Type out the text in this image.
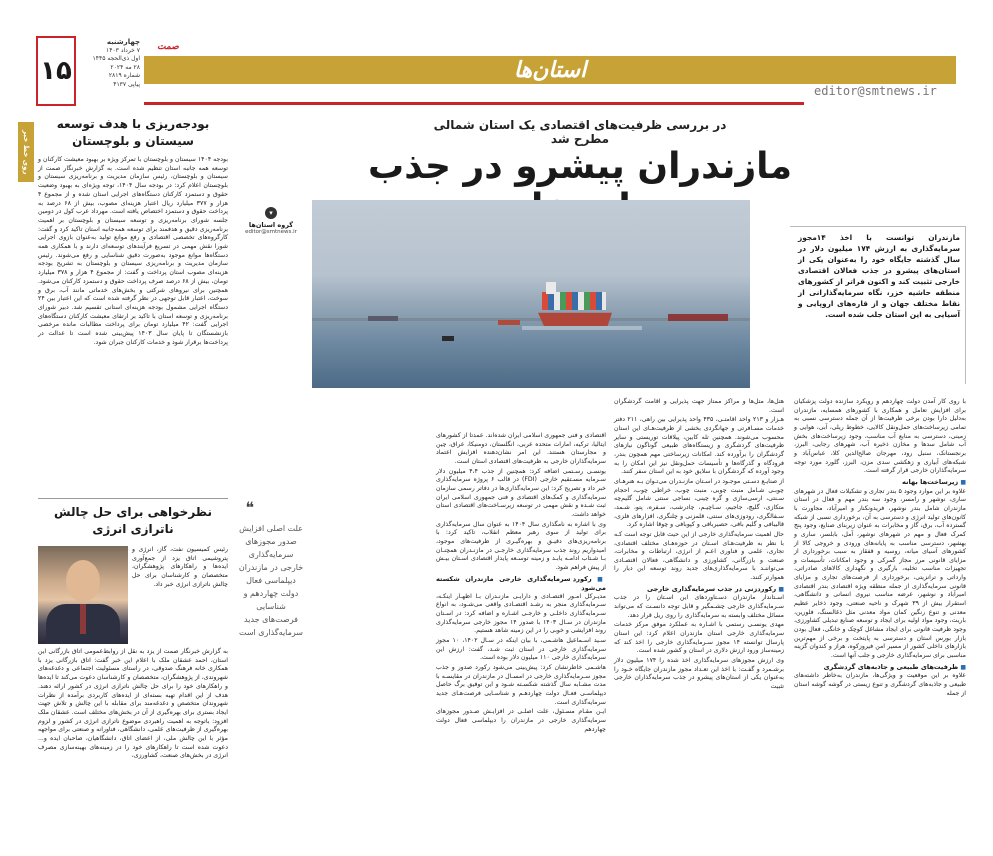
۱۵
چهارشنبه
۷ خرداد ۱۴۰۳
اول ذی‌الحجه ۱۴۴۵
۲۸ مه ۲۰۲۴
شماره ۲۸۱۹
پیاپی ۴۱۳۷
صمت
استان‌ها
editor@smtnews.ir
روی خط خبر
بودجه‌ریزی با هدف توسعه سیستان و بلوچستان
بودجه ۱۴۰۴ سیستان و بلوچستان با تمرکز ویژه بر بهبود معیشت کارکنان و توسعه همه جانبه استان تنظیم شده است. به گزارش خبرنگار صمت از سیستان و بلوچستان، رئیس سازمان مدیریت و برنامه‌ریزی سیستان و بلوچستان اعلام کرد: در بودجه سال ۱۴۰۴، توجه ویژه‌ای به بهبود وضعیت حقوق و دستمزد کارکنان دستگاه‌های اجرایی استان شده و از مجموع ۴ هزار و ۳۷۷ میلیارد ریال اعتبار هزینه‌ای مصوب، بیش از ۶۸ درصد به پرداخت حقوق و دستمزد اختصاص یافته است. مهرداد عرب‌ کول در دومین جلسه شورای برنامه‌ریزی و توسعه سیستان و بلوچستان بر اهمیت برنامه‌ریزی دقیق و هدفمند برای توسعه همه‌جانبه استان تاکید کرد و گفت: کارگروه‌های تخصصی اقتصادی و رفع موانع تولید به‌عنوان بازوی اجرایی شورا نقش مهمی در تسریع فرآیندهای توسعه‌ای دارند و با همکاری همه دستگاه‌ها موانع موجود به‌صورت دقیق شناسایی و رفع می‌شوند. رئیس سازمان مدیریت و برنامه‌ریزی سیستان و بلوچستان به تشریح بودجه هزینه‌ای مصوب استان پرداخت و گفت: از مجموع ۴ هزار و ۳۷۸ میلیارد تومان، بیش از ۶۸ درصد صرف پرداخت حقوق و دستمزد کارکنان می‌شود. همچنین برای نیروهای شرکتی و بخش‌های خدماتی مانند آب، برق و سوخت، اعتبار قابل توجهی در نظر گرفته شده است که این اعتبار بین ۲۴ دستگاه اجرایی مشمول بودجه هزینه‌ای استانی تقسیم شد. دبیر شورای برنامه‌ریزی و توسعه استان با تاکید بر ارتقای معیشت کارکنان دستگاه‌های اجرایی گفت: ۴۲ میلیارد تومان برای پرداخت مطالبات مانده مرخصی بازنشستگان تا پایان سال ۱۴۰۳ پیش‌بینی شده است تا عدالت در پرداخت‌ها برقرار شود و خدمات کارکنان جبران شود.
نظرخواهی برای حل چالش ناترازی انرژی
رئیس کمیسیون نفت، گاز، انرژی و پتروشیمی اتاق یزد از جمع‌آوری ایده‌ها و راهکارهای پژوهشگران، متخصصان و کارشناسان برای حل چالش ناترازی انرژی خبر داد.
به گزارش خبرنگار صمت از یزد به نقل از روابط‌عمومی اتاق بازرگانی این استان، احمد عشقان ملک با اعلام این خبر گفت: اتاق بازرگانی یزد با همکاری خانه فرهنگ صدوقی، در راستای مسئولیت اجتماعی و دغدغه‌های شهروندی، از پژوهشگران، متخصصان و کارشناسان دعوت می‌کند تا ایده‌ها و راهکارهای خود را برای حل چالش ناترازی انرژی در کشور ارائه دهند. هدف از این اقدام تهیه بسته‌ای از ایده‌های کاربردی برآمده از نظرات شهروندان متخصص و دغدغه‌مند برای مقابله با این چالش و تلاش جهت ایجاد بستری برای بهره‌گیری از آن در بخش‌های مختلف است. عشقان ملک افزود: باتوجه به اهمیت راهبردی موضوع ناترازی انرژی در کشور و لزوم بهره‌گیری از ظرفیت‌های علمی، دانشگاهی، فناورانه و صنعتی برای مواجهه مؤثر با این چالش ملی، از اعضای اتاق، دانشگاهیان، صاحبان ایده و... دعوت شده است تا راهکارهای خود را در زمینه‌های بهینه‌سازی مصرف انرژی در بخش‌های صنعت، کشاورزی،
در بررسی ظرفیت‌های اقتصادی یک استان شمالی مطرح شد
مازندران پیشرو در جذب
▾
گروه استان‌ها
editor@smtnews.ir
مازندران توانست با اخذ ۱۴مجوز سرمایه‌گذاری به ارزش ۱۷۴ میلیون دلار در سال گذشته جایگاه خود را به‌عنوان یکی از استان‌های پیشرو در جذب فعالان اقتصادی خارجی تثبیت کند و اکنون فراتر از کشورهای منطقه حاشیه خزر، نگاه سرمایه‌گذارانی از نقاط مختلف جهان و از قاره‌های اروپایی و آسیایی به این استان جلب شده است.
❝
علت اصلی افزایش صدور مجوزهای سرمایه‌گذاری خارجی در مازندران دیپلماسی فعال دولت چهاردهم و شناسایی فرصت‌های جدید سرمایه‌گذاری است

با روی کار آمدن دولت چهاردهم و رویکرد سازنده دولت پزشکیان برای افزایش تعامل و همکاری با کشورهای همسایه، مازندران به‌دلیل دارا بودن برخی ظرفیت‌ها از آن جمله دسترسی نسبی به تمامی زیرساخت‌های حمل‌ونقل کالایی، خطوط ریلی، آبی، هوایی و زمینی، دسترسی به منابع آب مناسب، وجود زیرساخت‌های بخش آب شامل سدها و مخازن ذخیره آب، شهرهای رجایی، البرز، برنجستانک، سنبل رود، مهرجان صالح‌الدین کلا، عباس‌آباد و شبکه‌های آبیاری و زهکشی سدی مزن، البرز، گلورد مورد توجه سرمایه‌گذاران خارجی قرار گرفته است.

■ زیرساخت‌ها بهانه

علاوه بر این موارد وجود ۵ بندر تجاری و تشکیلات فعال در شهرهای ساری، نوشهر و رامسر، وجود سه بندر مهم و فعال در استان مازندران شامل بندر نوشهر، فریدونکنار و امیرآباد، مجاورت با کانون‌های تولید انرژی و دسترسی به آن، برخورداری نسبی از شبکه گسترده آب، برق، گاز و مخابرات به عنوان زیربنای صنایع، وجود پنج کمرک فعال و مهم در شهرهای نوشهر، آمل، بابلسر، ساری و بهشهر، دسترسی مناسب به پایانه‌های ورودی و خروجی کالا از کشورهای آسیای میانه، روسیه و قفقاز به سبب برخورداری از مزایای قانونی مرز مجاز گمرکی و وجود امکانات، تأسیسات و تجهیزات مناسب تخلیه، بارگیری و نگهداری کالاهای صادراتی، وارداتی و ترانزیتی، برخورداری از فرصت‌های تجاری و مزایای قانونی سرمایه‌گذاری از جمله منطقه ویژه اقتصادی بندر اقتصادی امیرآباد و نوشهر، عرضه مناسب نیروی انسانی و دانشگاهی، استقرار بیش از ۳۹ شهرک و ناحیه صنعتی، وجود ذخایر عظیم معدنی و تنوع رنگین کمان مواد معدنی مثل ذغالسنگ، فلورین، باریت، وجود مواد اولیه برای ایجاد و توسعه صنایع تبدیلی کشاورزی، وجود ظرفیت قانونی برای ایجاد مشاغل کوچک و خانگی، فعال بودن بازار بورس استان و دسترسی به پایتخت و برخی از مهم‌ترین بازارهای داخلی کشور از مسیر امن فیروزکوه، هراز و کندوان گزینه مناسبی برای سرمایه‌گذاری خارجی و جلب آنها است.

■ ظرفیت‌های طبیعی و جاذبه‌های گردشگری

علاوه بر این موقعیت و ویژگی‌ها، مازندران به‌خاطر داشته‌های طبیعی و جاذبه‌های گردشگری و تنوع زیستی در گوشه گوشه استان از جمله

هتل‌ها، متل‌ها و مراکز ممتاز جهت پذیرایی و اقامت گردشگران است.

هـزار و ۲۱۳ واحد اقامتـی، ۴۳۵ واحد پذیرایی بین راهی، ۲۱۱ دفتر خدمات مسـافرتی و جهانگردی بخشی از ظرفیت‌هـای این استان محسوب می‌شوند. همچنین تله کابین، پیلاقات توریستی و سایر ظرفیت‌های گردشگری و زیستگاه‌های طبیعی گوناگون نیازهای گردشگران را برآورده کند. امکانات زیرساختی مهم همچون بندر، فرودگاه و گذرگاه‌ها و تأسیسات حمل‌ونقل نیز این امکان را به وجود آورده که گردشگران با سلایق خود به این استان سفر کنند.

از صنایـع دسـتی موجـود در اسـتان مازنـدران می‌تـوان بـه هنرهـای چوبـی شـامل منبت چوبی، منبت چوب، خراطی چوب، احجام سـنتی، ارسی‌سازی و گره چینی، نساجی سنتی شامل گلیم‌چه متکازی، گلیچ، جاجیم، سـاچیـم، چادرشب، سـفره، پتو، شـمد، سـفالگری، رودوزی‌های سنتی، قلمزنی و چلنگری، افزارهای فلزی، قالیبافی و گلیم بافی، حصیربافی و کپوبافی و چوقا اشاره کرد.

حال اهمیت سرمایه‌گذاری خارجی از این حیث قابل توجه است کـه با نظر به ظرفیت‌هـای اسـتان در حوزه‌هـای مختلف اقتصادی، تجاری، علمی و فناوری اعـم از انرژی، ارتباطات و مخابرات، صنعت و بازرگانی، کشاورزی و دانشگاهی، فعالان اقتصـادی می‌تواننـد با سرمایه‌گذاری‌های جدید روند توسعه این دیار را هموارتر کنند.

■ رکوردزنی در جذب سرمایه‌گذاری خارجی

اسـتاندار مازندران دسـتاوردهای این اسـتان را در جذب سـرمایه‌گذاری خارجی چشـمگیر و قابل توجه دانسـت که می‌تواند مسائل مختلف وابسته به سرمایه‌گذاری را روی ریل قرار دهد.

مهدی یونسـی رستمی با اشـاره به عملکرد موفق مرکز خدمات سرمایه‌گذاری خارجی استان مازندران اعلام کرد: این استان پارسال توانسته ۱۴ مجوز سـرمایه‌گذاری خارجی را اخذ کند که زمینه‌ساز ورود ارزش دلاری در استان و کشور شده است.

وی ارزش مجوزهای سرمایه‌گذاری اخذ شده را ۱۷۴ میلیون دلار برشـمرد و گفـت: با اخذ این تعـداد مجوز مازندران جایگاه خـود را به‌عنوان یکی از استان‌های پیشرو در جذب سرمایه‌گذاران خارجی تثبیت

اقتصادی و فنی جمهوری اسلامی ایران شده‌اند. عمدتا از کشورهای ایتالیا، ترکیه، امارات متحده عربی، انگلستان، دومنیکا، عراق، چین و مجارستان هستند. این امر نشان‌دهنده افزایش اعتماد سرمایه‌گذاران خارجی به ظرفیت‌های اقتصادی استان است.

یونسـی رسـتمی اضافه کرد: همچنین از جذب ۴،۴ میلیون دلار سـرمایه مسـتقیم خارجی (FDI) در قالب ۶ پروژه سرمایه‌گذاری خبر داد و تصریح کرد: این سرمایه‌گذاری‌ها در دفاتر رسمی سازمان سرمایه‌گذاری و کمک‌های اقتصادی و فنی جمهوری اسلامی ایران ثبت شـده و نقش مهمی در توسعه زیرسـاخت‌های اقتصادی استان خواهد داشت.

وی با اشاره به نامگذاری سال ۱۴۰۴ به عنوان سال سرمایه‌گذاری برای تولید از سوی رهبر معظم انقلاب، تاکید کرد: با برنامه‌ریزی‌های دقیـق و بهره‌گیـری از ظرفیت‌های موجود، امیدواریم روند جذب سرمایه‌گذاری خارجـی در مازنـدران همچنـان بـا شـتاب ادامـه یابـد و زمینه توسـعه پایدار اقتصادی اسـتان بیـش از پیش فراهم شود.

■ رکورد سرمایه‌گذاری خارجی مازندران شکسته می‌شود

مدیـرکل امـور اقتصـادی و دارایـی مازنـدران بـا اظهـار اینکـه، سـرمایه‌گذاری منجر به رشـد اقتصـادی واقعی می‌شـود، به انواع سـرمایه‌گذاری داخلـی و خارجـی اشـاره و اضافه کرد: در اسـتان مازندران در سـال ۱۴۰۳ با صدور ۱۴ مجوز خارجی سرمایه‌گذاری روند افزایشی و خوبی را در این زمینه شاهد هستیم.

سـید اسـماعیل هاشـمی، با بیان اینکه در سـال ۱۴۰۲، ۱۰ مجوز سرمایه‌گذاری خارجی در استان ثبت شـد، گفت: ارزش این سرمایه‌گذاری خارجی ۱۱۰ میلیون دلار بوده است.

هاشـمی خاطرنشان کرد: پیش‌بینی می‌شود رکورد صدور و جذب مجوز سـرمایه‌گذاری خارجی در امسـال در مازندران در مقایسـه با مدت مشـابه سال گذشته شکسـته شـود و این توفیق برگ حاصل دیپلماسـی فعـال دولت چهاردهـم و شناسـایی فرصت‌هـای جدید سرمایه‌گذاری است.

ایـن مقـام مسـئول، علت اصلـی در افزایـش صـدور مجوزهای سرمایه‌گذاری خارجی در مازندران را دیپلماسی فعال دولت چهاردهم
